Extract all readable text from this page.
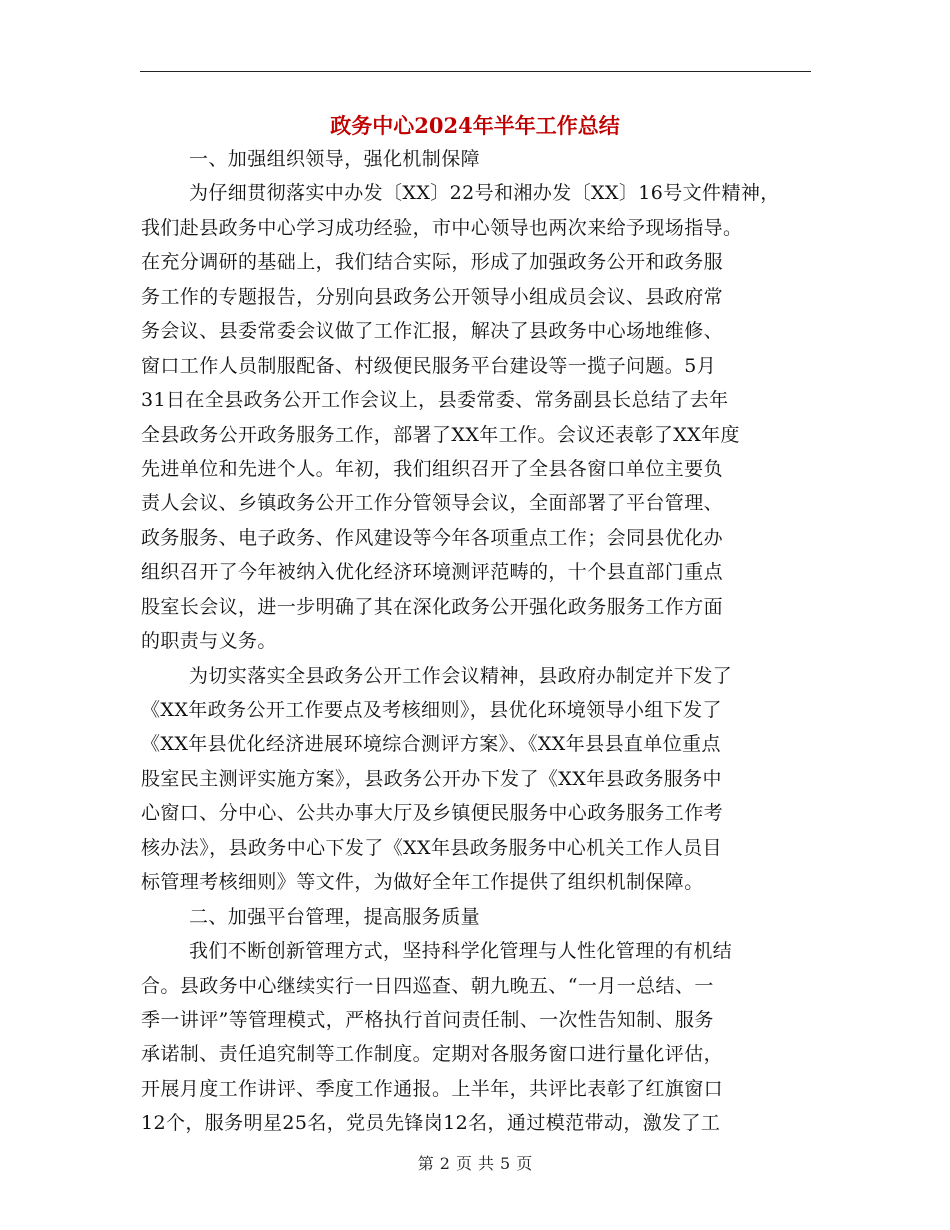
政务中心2024年半年工作总结
一、加强组织领导，强化机制保障
为仔细贯彻落实中办发〔XX〕22号和湘办发〔XX〕16号文件精神，
我们赴县政务中心学习成功经验，市中心领导也两次来给予现场指导。
在充分调研的基础上，我们结合实际，形成了加强政务公开和政务服
务工作的专题报告，分别向县政务公开领导小组成员会议、县政府常
务会议、县委常委会议做了工作汇报，解决了县政务中心场地维修、
窗口工作人员制服配备、村级便民服务平台建设等一揽子问题。5月
31日在全县政务公开工作会议上，县委常委、常务副县长总结了去年
全县政务公开政务服务工作，部署了XX年工作。会议还表彰了XX年度
先进单位和先进个人。年初，我们组织召开了全县各窗口单位主要负
责人会议、乡镇政务公开工作分管领导会议，全面部署了平台管理、
政务服务、电子政务、作风建设等今年各项重点工作；会同县优化办
组织召开了今年被纳入优化经济环境测评范畴的，十个县直部门重点
股室长会议，进一步明确了其在深化政务公开强化政务服务工作方面
的职责与义务。
为切实落实全县政务公开工作会议精神，县政府办制定并下发了
《XX年政务公开工作要点及考核细则》，县优化环境领导小组下发了
《XX年县优化经济进展环境综合测评方案》、《XX年县县直单位重点
股室民主测评实施方案》，县政务公开办下发了《XX年县政务服务中
心窗口、分中心、公共办事大厅及乡镇便民服务中心政务服务工作考
核办法》，县政务中心下发了《XX年县政务服务中心机关工作人员目
标管理考核细则》等文件，为做好全年工作提供了组织机制保障。
二、加强平台管理，提高服务质量
我们不断创新管理方式，坚持科学化管理与人性化管理的有机结
合。县政务中心继续实行一日四巡查、朝九晚五、“一月一总结、一
季一讲评”等管理模式，严格执行首问责任制、一次性告知制、服务
承诺制、责任追究制等工作制度。定期对各服务窗口进行量化评估，
开展月度工作讲评、季度工作通报。上半年，共评比表彰了红旗窗口
12个，服务明星25名，党员先锋岗12名，通过模范带动，激发了工
第 2 页 共 5 页
